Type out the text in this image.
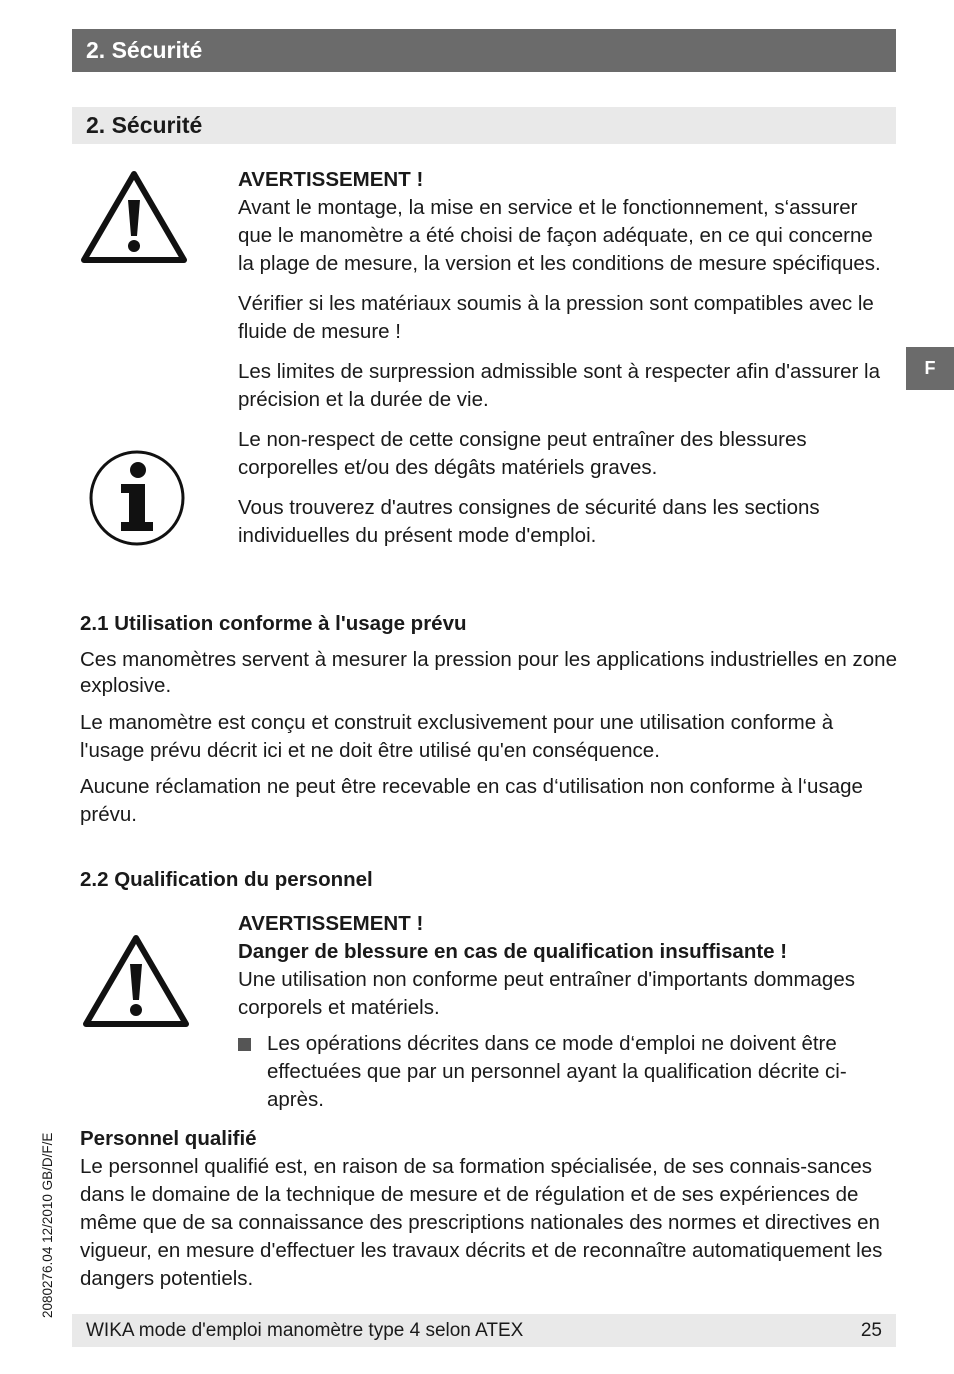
2. Sécurité
2. Sécurité
F

AVERTISSEMENT !

Avant le montage, la mise en service et le fonctionnement, s‘assurer que le manomètre a été choisi de façon adéquate, en ce qui concerne la plage de mesure, la version et les conditions de mesure spécifiques.

Vérifier si les matériaux soumis à la pression sont compatibles avec le fluide de mesure !

Les limites de surpression admissible sont à respecter afin d'assurer la précision et la durée de vie.

Le non-respect de cette consigne peut entraîner des blessures corporelles et/ou des dégâts matériels graves.

Vous trouverez d'autres consignes de sécurité dans les sections individuelles du présent mode d'emploi.

2.1 Utilisation conforme à l'usage prévu

Ces manomètres servent à mesurer la pression pour les applications industrielles en zone explosive.

Le manomètre est conçu et construit exclusivement pour une utilisation conforme à l'usage prévu décrit ici et ne doit être utilisé qu'en conséquence.

Aucune réclamation ne peut être recevable en cas d‘utilisation non conforme à l‘usage prévu.

2.2 Qualification du personnel

AVERTISSEMENT !

Danger de blessure en cas de qualification insuffisante !

Une utilisation non conforme peut entraîner d'importants dommages corporels et matériels.

Les opérations décrites dans ce mode d‘emploi ne doivent être effectuées que par un personnel ayant la qualification décrite ci-après.

Personnel qualifié

Le personnel qualifié est, en raison de sa formation spécialisée, de ses connais-sances dans le domaine de la technique de mesure et de régulation et de ses expériences de même que de sa connaissance des prescriptions nationales des normes et directives en vigueur, en mesure d'effectuer les travaux décrits et de reconnaître automatiquement les dangers potentiels.

2080276.04 12/2010 GB/D/F/E
WIKA mode d'emploi manomètre type 4 selon ATEX	25
